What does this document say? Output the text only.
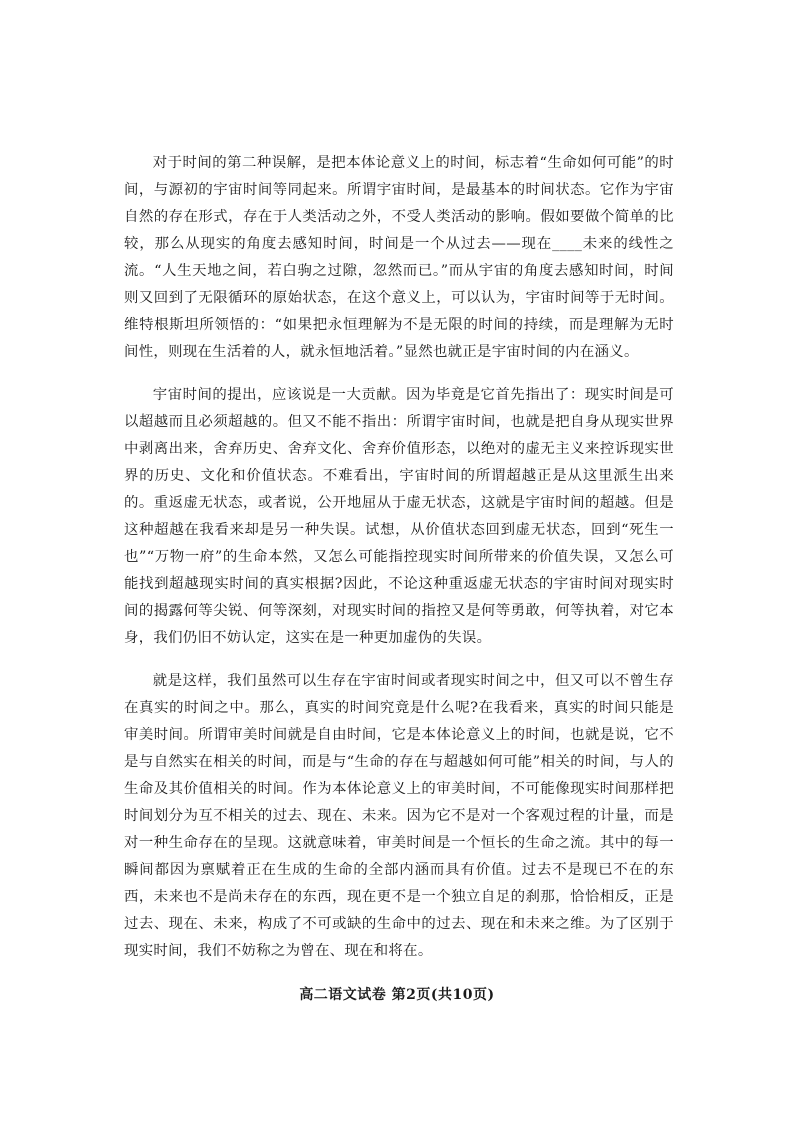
对于时间的第二种误解，是把本体论意义上的时间，标志着“生命如何可能”的时间，与源初的宇宙时间等同起来。所谓宇宙时间，是最基本的时间状态。它作为宇宙自然的存在形式，存在于人类活动之外，不受人类活动的影响。假如要做个简单的比较，那么从现实的角度去感知时间，时间是一个从过去——现在____未来的线性之流。“人生天地之间，若白驹之过隙，忽然而已。”而从宇宙的角度去感知时间，时间则又回到了无限循环的原始状态，在这个意义上，可以认为，宇宙时间等于无时间。维特根斯坦所领悟的：“如果把永恒理解为不是无限的时间的持续，而是理解为无时间性，则现在生活着的人，就永恒地活着。”显然也就正是宇宙时间的内在涵义。

宇宙时间的提出，应该说是一大贡献。因为毕竟是它首先指出了：现实时间是可以超越而且必须超越的。但又不能不指出：所谓宇宙时间，也就是把自身从现实世界中剥离出来，舍弃历史、舍弃文化、舍弃价值形态，以绝对的虚无主义来控诉现实世界的历史、文化和价值状态。不难看出，宇宙时间的所谓超越正是从这里派生出来的。重返虚无状态，或者说，公开地屈从于虚无状态，这就是宇宙时间的超越。但是这种超越在我看来却是另一种失误。试想，从价值状态回到虚无状态，回到“死生一也”“万物一府”的生命本然，又怎么可能指控现实时间所带来的价值失误，又怎么可能找到超越现实时间的真实根据?因此，不论这种重返虚无状态的宇宙时间对现实时间的揭露何等尖锐、何等深刻，对现实时间的指控又是何等勇敢，何等执着，对它本身，我们仍旧不妨认定，这实在是一种更加虚伪的失误。

就是这样，我们虽然可以生存在宇宙时间或者现实时间之中，但又可以不曾生存在真实的时间之中。那么，真实的时间究竟是什么呢?在我看来，真实的时间只能是审美时间。所谓审美时间就是自由时间，它是本体论意义上的时间，也就是说，它不是与自然实在相关的时间，而是与“生命的存在与超越如何可能”相关的时间，与人的生命及其价值相关的时间。作为本体论意义上的审美时间，不可能像现实时间那样把时间划分为互不相关的过去、现在、未来。因为它不是对一个客观过程的计量，而是对一种生命存在的呈现。这就意味着，审美时间是一个恒长的生命之流。其中的每一瞬间都因为禀赋着正在生成的生命的全部内涵而具有价值。过去不是现已不在的东西，未来也不是尚未存在的东西，现在更不是一个独立自足的刹那，恰恰相反，正是过去、现在、未来，构成了不可或缺的生命中的过去、现在和未来之维。为了区别于现实时间，我们不妨称之为曾在、现在和将在。

高二语文试卷 第2页(共10页)
